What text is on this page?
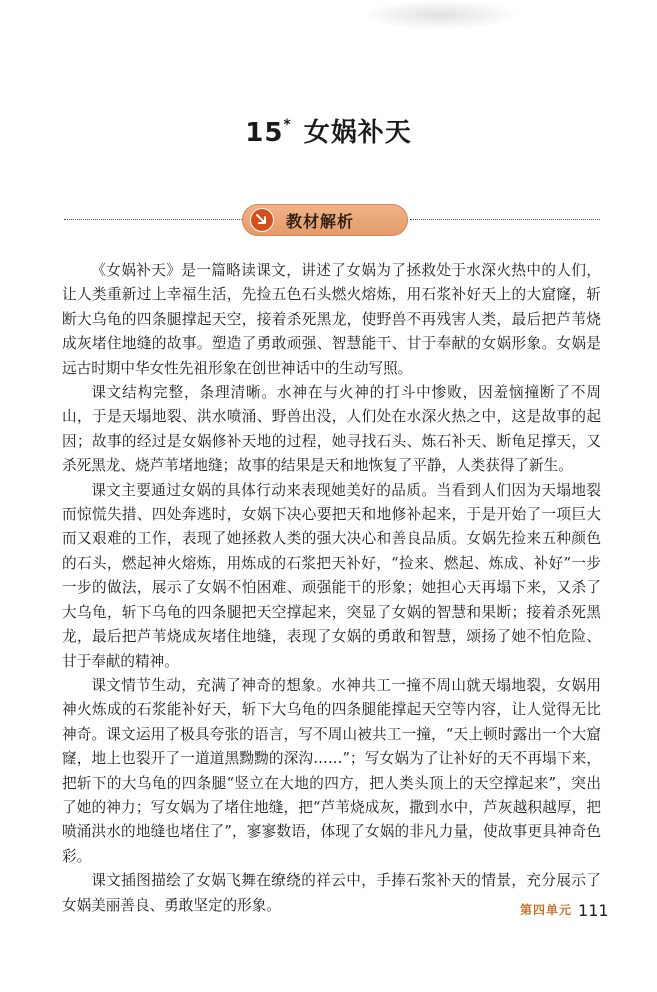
15* 女娲补天
教材解析

《女娲补天》是一篇略读课文，讲述了女娲为了拯救处于水深火热中的人们，让人类重新过上幸福生活，先捡五色石头燃火熔炼，用石浆补好天上的大窟窿，斩断大乌龟的四条腿撑起天空，接着杀死黑龙，使野兽不再残害人类，最后把芦苇烧成灰堵住地缝的故事。塑造了勇敢顽强、智慧能干、甘于奉献的女娲形象。女娲是远古时期中华女性先祖形象在创世神话中的生动写照。

课文结构完整，条理清晰。水神在与火神的打斗中惨败，因羞恼撞断了不周山，于是天塌地裂、洪水喷涌、野兽出没，人们处在水深火热之中，这是故事的起因；故事的经过是女娲修补天地的过程，她寻找石头、炼石补天、断龟足撑天，又杀死黑龙、烧芦苇堵地缝；故事的结果是天和地恢复了平静，人类获得了新生。

课文主要通过女娲的具体行动来表现她美好的品质。当看到人们因为天塌地裂而惊慌失措、四处奔逃时，女娲下决心要把天和地修补起来，于是开始了一项巨大而又艰难的工作，表现了她拯救人类的强大决心和善良品质。女娲先捡来五种颜色的石头，燃起神火熔炼，用炼成的石浆把天补好，“捡来、燃起、炼成、补好”一步一步的做法，展示了女娲不怕困难、顽强能干的形象；她担心天再塌下来，又杀了大乌龟，斩下乌龟的四条腿把天空撑起来，突显了女娲的智慧和果断；接着杀死黑龙，最后把芦苇烧成灰堵住地缝，表现了女娲的勇敢和智慧，颂扬了她不怕危险、甘于奉献的精神。

课文情节生动，充满了神奇的想象。水神共工一撞不周山就天塌地裂，女娲用神火炼成的石浆能补好天，斩下大乌龟的四条腿能撑起天空等内容，让人觉得无比神奇。课文运用了极具夸张的语言，写不周山被共工一撞，“天上顿时露出一个大窟窿，地上也裂开了一道道黑黝黝的深沟……”；写女娲为了让补好的天不再塌下来，把斩下的大乌龟的四条腿“竖立在大地的四方，把人类头顶上的天空撑起来”，突出了她的神力；写女娲为了堵住地缝，把“芦苇烧成灰，撒到水中，芦灰越积越厚，把喷涌洪水的地缝也堵住了”，寥寥数语，体现了女娲的非凡力量，使故事更具神奇色彩。

课文插图描绘了女娲飞舞在缭绕的祥云中，手捧石浆补天的情景，充分展示了女娲美丽善良、勇敢坚定的形象。	第四单元 111
